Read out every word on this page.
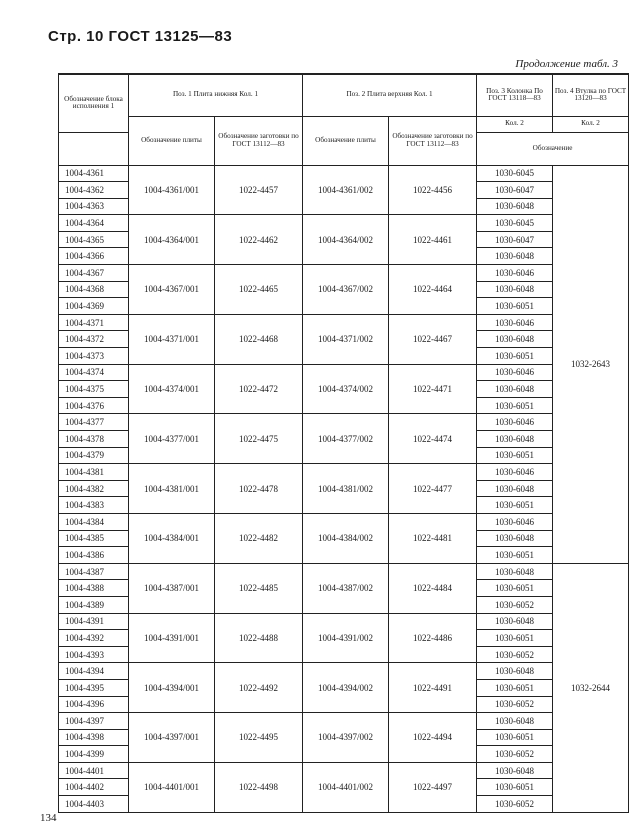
Стр. 10 ГОСТ 13125—83
Продолжение табл. 3
Обозначение блока исполнения 1	Поз. 1 Плита нижняя Кол. 1		Поз. 2 Плита верхняя Кол. 1		Поз. 3 Колонка По ГОСТ 13118—83	Поз. 4 Втулка по ГОСТ 13120—83
	Обозначение плиты	Обозначение заготовки по ГОСТ 13112—83	Обозначение плиты	Обозначение заготовки по ГОСТ 13112—83	Кол. 2	Кол. 2
					Обозначение	
1004-4361	1004-4361/001	1022-4457	1004-4361/002	1022-4456	1030-6045	1032-2643
1004-4362					1030-6047	
1004-4363					1030-6048	
1004-4364	1004-4364/001	1022-4462	1004-4364/002	1022-4461	1030-6045	
1004-4365					1030-6047	
1004-4366					1030-6048	
1004-4367	1004-4367/001	1022-4465	1004-4367/002	1022-4464	1030-6046	
1004-4368					1030-6048	
1004-4369					1030-6051	
1004-4371	1004-4371/001	1022-4468	1004-4371/002	1022-4467	1030-6046	
1004-4372					1030-6048	
1004-4373					1030-6051	
1004-4374	1004-4374/001	1022-4472	1004-4374/002	1022-4471	1030-6046	
1004-4375					1030-6048	
1004-4376					1030-6051	
1004-4377	1004-4377/001	1022-4475	1004-4377/002	1022-4474	1030-6046	
1004-4378					1030-6048	
1004-4379					1030-6051	
1004-4381	1004-4381/001	1022-4478	1004-4381/002	1022-4477	1030-6046	
1004-4382					1030-6048	
1004-4383					1030-6051	
1004-4384	1004-4384/001	1022-4482	1004-4384/002	1022-4481	1030-6046	
1004-4385					1030-6048	
1004-4386					1030-6051	
1004-4387	1004-4387/001	1022-4485	1004-4387/002	1022-4484	1030-6048	1032-2644
1004-4388					1030-6051	
1004-4389					1030-6052	
1004-4391	1004-4391/001	1022-4488	1004-4391/002	1022-4486	1030-6048	
1004-4392					1030-6051	
1004-4393					1030-6052	
1004-4394	1004-4394/001	1022-4492	1004-4394/002	1022-4491	1030-6048	
1004-4395					1030-6051	
1004-4396					1030-6052	
1004-4397	1004-4397/001	1022-4495	1004-4397/002	1022-4494	1030-6048	
1004-4398					1030-6051	
1004-4399					1030-6052	
1004-4401	1004-4401/001	1022-4498	1004-4401/002	1022-4497	1030-6048	
1004-4402					1030-6051	
1004-4403					1030-6052	
134
